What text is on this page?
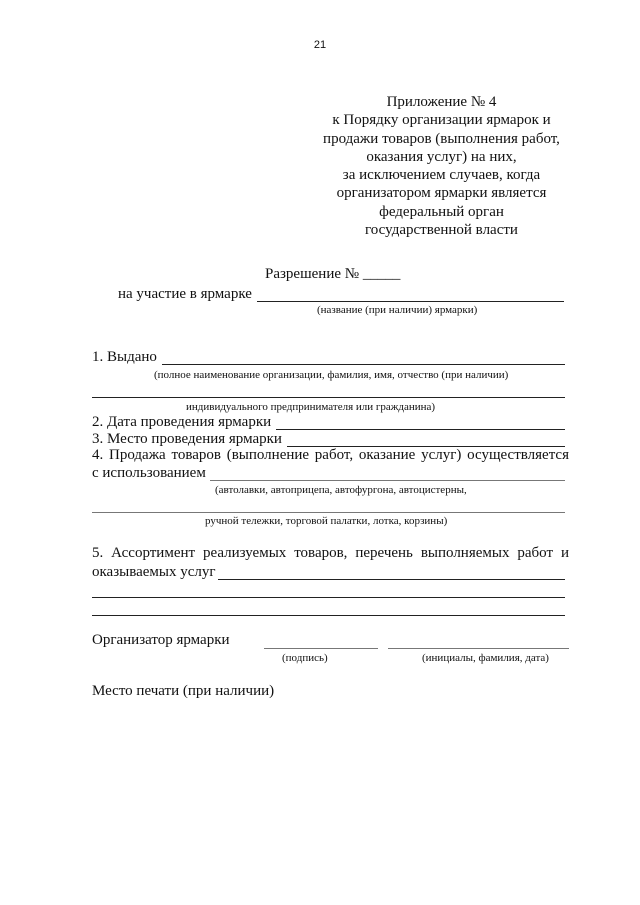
21
Приложение № 4
к Порядку организации ярмарок и
продажи товаров (выполнения работ,
оказания услуг) на них,
за исключением случаев, когда
организатором ярмарки является
федеральный орган
государственной власти
Разрешение № _____
на участие в ярмарке
(название (при наличии) ярмарки)
1. Выдано
(полное наименование организации, фамилия, имя, отчество (при наличии)
индивидуального предпринимателя или гражданина)
2. Дата проведения ярмарки
3. Место проведения ярмарки
4. Продажа товаров (выполнение работ, оказание услуг) осуществляется
с использованием
(автолавки, автоприцепа, автофургона, автоцистерны,
ручной тележки, торговой палатки, лотка, корзины)
5. Ассортимент реализуемых товаров, перечень выполняемых работ и
оказываемых услуг
Организатор ярмарки
(подпись)	(инициалы, фамилия, дата)
Место печати (при наличии)
